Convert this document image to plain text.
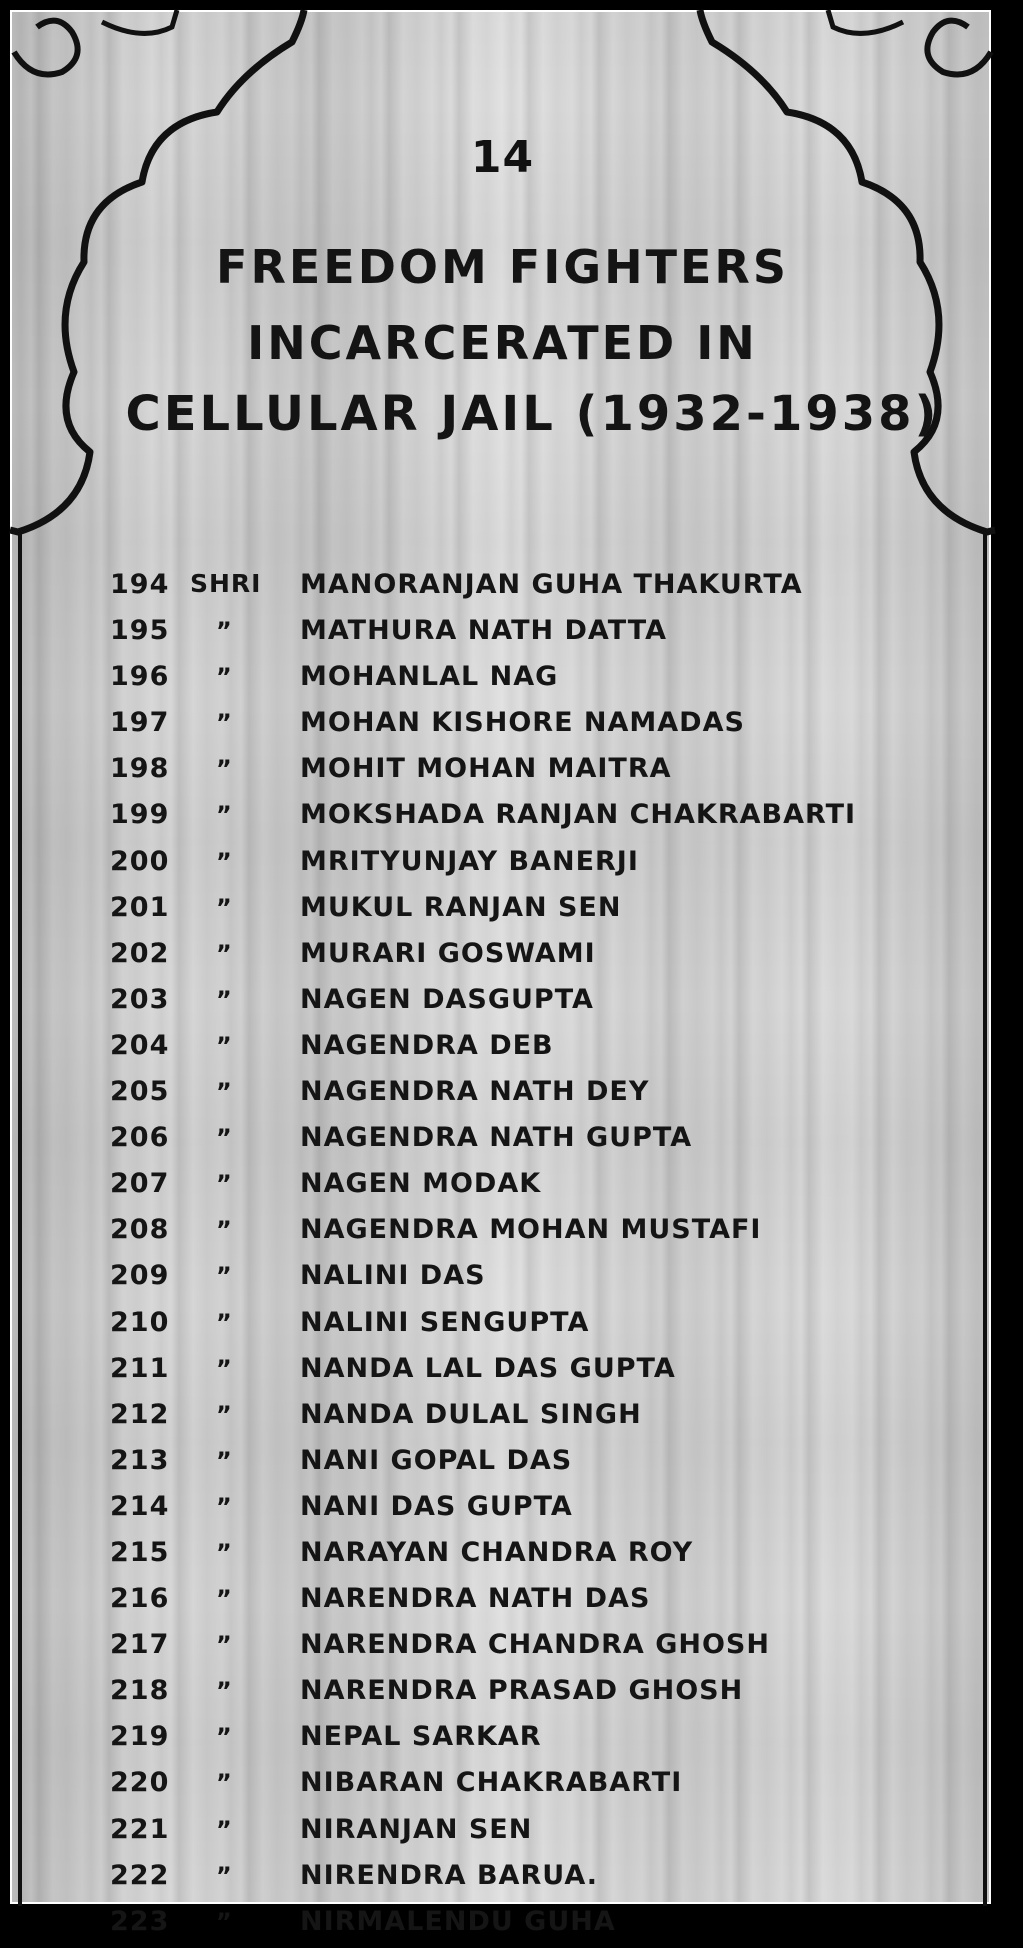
14
FREEDOM FIGHTERS
INCARCERATED IN
CELLULAR JAIL (1932-1938)
194 SHRI MANORANJAN GUHA THAKURTA
195 ”	MATHURA NATH DATTA
196 ”	MOHANLAL NAG
197 ”	MOHAN KISHORE NAMADAS
198 ”	MOHIT MOHAN MAITRA
199 ”	MOKSHADA RANJAN CHAKRABARTI
200 ”	MRITYUNJAY BANERJI
201 ”	MUKUL RANJAN SEN
202 ”	MURARI GOSWAMI
203 ”	NAGEN DASGUPTA
204 ”	NAGENDRA DEB
205 ”	NAGENDRA NATH DEY
206 ”	NAGENDRA NATH GUPTA
207 ”	NAGEN MODAK
208 ”	NAGENDRA MOHAN MUSTAFI
209 ”	NALINI DAS
210 ”	NALINI SENGUPTA
211 ”	NANDA LAL DAS GUPTA
212 ”	NANDA DULAL SINGH
213 ”	NANI GOPAL DAS
214 ”	NANI DAS GUPTA
215 ”	NARAYAN CHANDRA ROY
216 ”	NARENDRA NATH DAS
217 ”	NARENDRA CHANDRA GHOSH
218 ”	NARENDRA PRASAD GHOSH
219 ”	NEPAL SARKAR
220 ”	NIBARAN CHAKRABARTI
221 ”	NIRANJAN SEN
222 ”	NIRENDRA BARUA.
223 ”	NIRMALENDU GUHA
